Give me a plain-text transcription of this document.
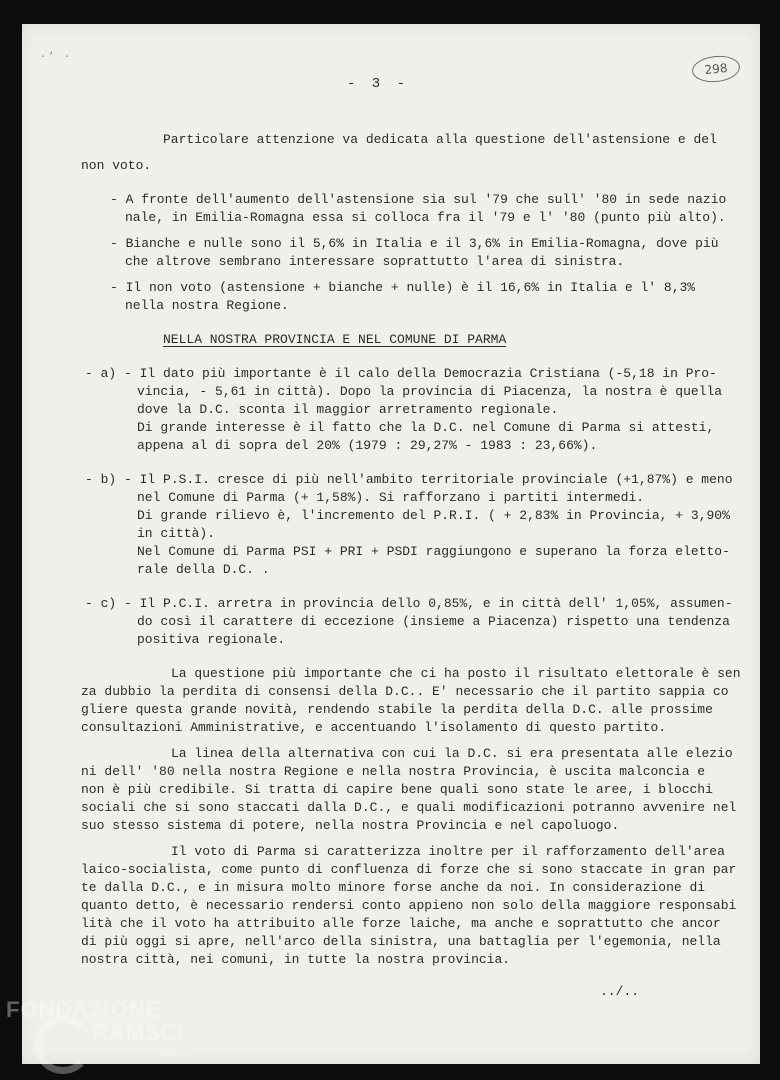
·‘ ·
- 3 -
298
Particolare attenzione va dedicata alla questione dell'astensione e del
non voto.
- A fronte dell'aumento dell'astensione sia sul '79 che sull' '80 in sede nazio
nale, in Emilia-Romagna essa si colloca fra il '79 e l' '80 (punto più alto).
- Bianche e nulle sono il 5,6% in Italia e il 3,6% in Emilia-Romagna, dove più
che altrove sembrano interessare soprattutto l'area di sinistra.
- Il non voto (astensione + bianche + nulle) è il 16,6% in Italia e l' 8,3%
nella nostra Regione.
NELLA NOSTRA PROVINCIA E NEL COMUNE DI PARMA
- a) - Il dato più importante è il calo della Democrazia Cristiana (-5,18 in Pro-
vincia, - 5,61 in città). Dopo la provincia di Piacenza, la nostra è quella
dove la D.C. sconta il maggior arretramento regionale.
Di grande interesse è il fatto che la D.C. nel Comune di Parma si attesti,
appena al di sopra del 20% (1979 : 29,27% - 1983 : 23,66%).
- b) - Il P.S.I. cresce di più nell'ambito territoriale provinciale (+1,87%) e meno
nel Comune di Parma (+ 1,58%). Si rafforzano i partiti intermedi.
Di grande rilievo è, l'incremento del P.R.I. ( + 2,83% in Provincia, + 3,90%
in città).
Nel Comune di Parma PSI + PRI + PSDI raggiungono e superano la forza eletto-
rale della D.C. .
- c) - Il P.C.I. arretra in provincia dello 0,85%, e in città dell' 1,05%, assumen-
do così il carattere di eccezione (insieme a Piacenza) rispetto una tendenza
positiva regionale.
La questione più importante che ci ha posto il risultato elettorale è sen
za dubbio la perdita di consensi della D.C.. E' necessario che il partito sappia co
gliere questa grande novità, rendendo stabile la perdita della D.C. alle prossime
consultazioni Amministrative, e accentuando l'isolamento di questo partito.
La linea della alternativa con cui la D.C. si era presentata alle elezio
ni dell' '80 nella nostra Regione e nella nostra Provincia, è uscita malconcia e
non è più credibile. Si tratta di capire bene quali sono state le aree, i blocchi
sociali che si sono staccati dalla D.C., e quali modificazioni potranno avvenire nel
suo stesso sistema di potere, nella nostra Provincia e nel capoluogo.
Il voto di Parma si caratterizza inoltre per il rafforzamento dell'area
laico-socialista, come punto di confluenza di forze che si sono staccate in gran par
te dalla D.C., e in misura molto minore forse anche da noi. In considerazione di
quanto detto, è necessario rendersi conto appieno non solo della maggiore responsabi
lità che il voto ha attribuito alle forze laiche, ma anche e soprattutto che ancor
di più oggi si apre, nell'arco della sinistra, una battaglia per l'egemonia, nella
nostra città, nei comuni, in tutte la nostra provincia.
../..
FONDAZIONE
RAMSCI
onlus
